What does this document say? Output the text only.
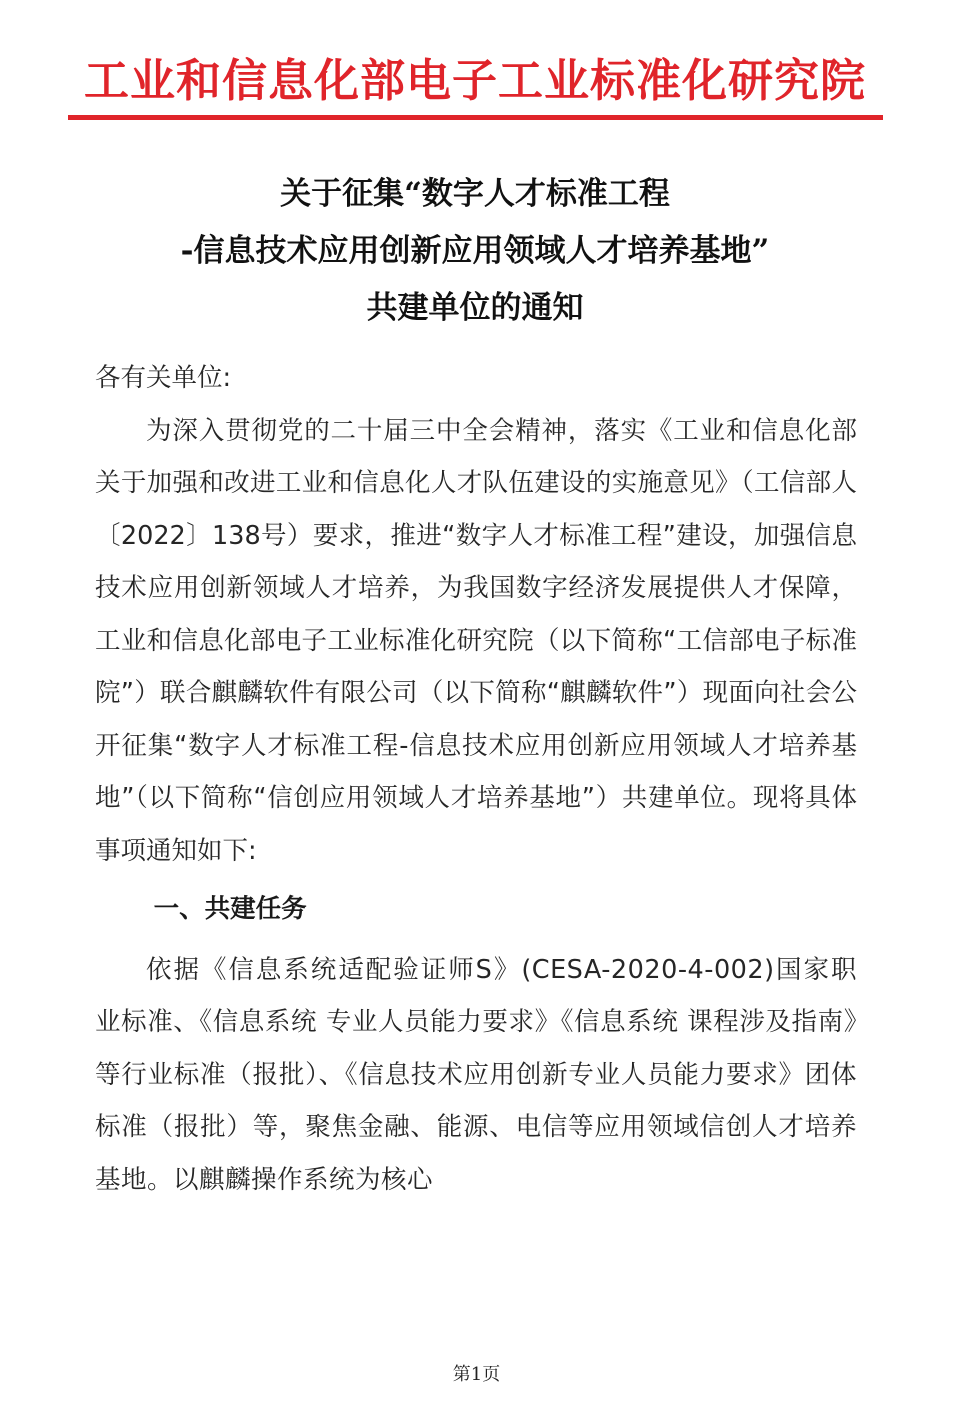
工业和信息化部电子工业标准化研究院
关于征集“数字人才标准工程
-信息技术应用创新应用领域人才培养基地”
共建单位的通知

各有关单位:

为深入贯彻党的二十届三中全会精神，落实《工业和信息化部关于加强和改进工业和信息化人才队伍建设的实施意见》（工信部人〔2022〕138号）要求，推进“数字人才标准工程”建设，加强信息技术应用创新领域人才培养，为我国数字经济发展提供人才保障，工业和信息化部电子工业标准化研究院（以下简称“工信部电子标准院”）联合麒麟软件有限公司（以下简称“麒麟软件”）现面向社会公开征集“数字人才标准工程-信息技术应用创新应用领域人才培养基地”（以下简称“信创应用领域人才培养基地”）共建单位。现将具体事项通知如下:

一、共建任务

依据《信息系统适配验证师S》(CESA-2020-4-002)国家职业标准、《信息系统 专业人员能力要求》《信息系统 课程涉及指南》等行业标准（报批）、《信息技术应用创新专业人员能力要求》团体标准（报批）等，聚焦金融、能源、电信等应用领域信创人才培养基地。以麒麟操作系统为核心

第1页
